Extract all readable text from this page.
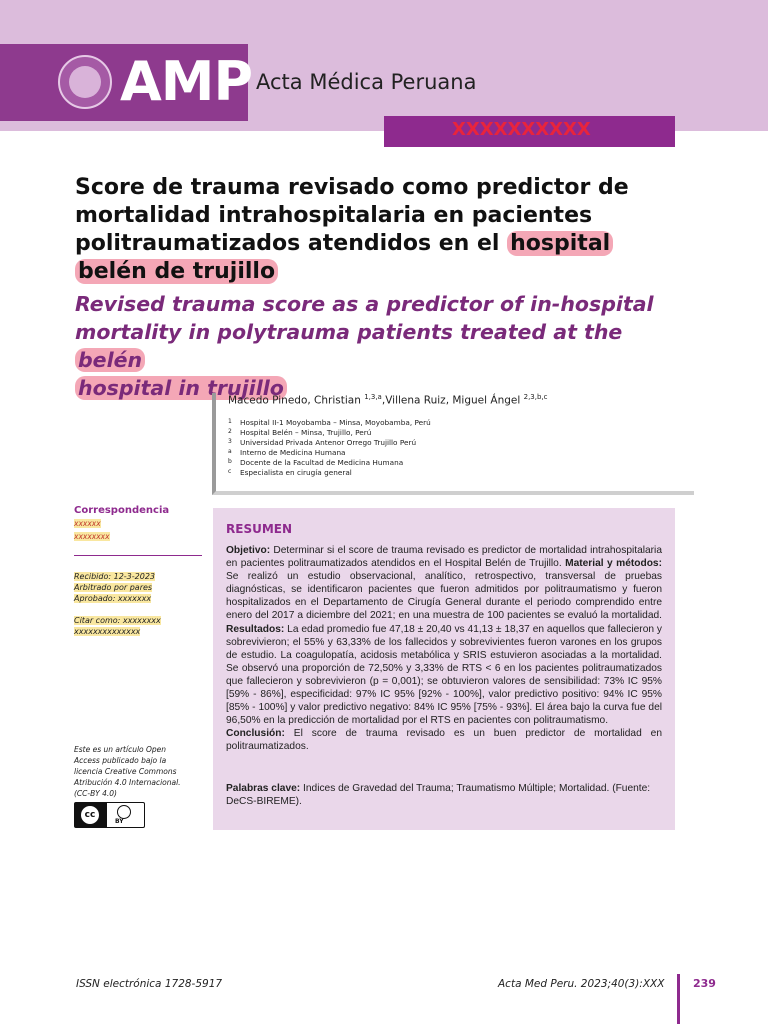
AMP Acta Médica Peruana
XXXXXXXXXX
Score de trauma revisado como predictor de mortalidad intrahospitalaria en pacientes politraumatizados atendidos en el hospital
belén de trujillo
Revised trauma score as a predictor of in-hospital mortality in polytrauma patients treated at the belén
hospital in trujillo
Macedo Pinedo, Christian $^{1,3,a}$,Villena Ruiz, Miguel Ángel $^{2,3,b,c}$
1 Hospital II-1 Moyobamba – Minsa, Moyobamba, Perú
2 Hospital Belén – Minsa, Trujillo, Perú
3 Universidad Privada Antenor Orrego Trujillo Perú
a Interno de Medicina Humana
b Docente de la Facultad de Medicina Humana
c Especialista en cirugía general
Correspondencia
xxxxxx
xxxxxxxx
Recibido: 12-3-2023
Arbitrado por pares
Aprobado: xxxxxxx
Citar como: xxxxxxxx
xxxxxxxxxxxxxx
Este es un artículo Open Access publicado bajo la licencia Creative Commons Atribución 4.0 Internacional. (CC-BY 4.0)
cc
BY
RESUMEN
Objetivo: Determinar si el score de trauma revisado es predictor de mortalidad intrahospitalaria en pacientes politraumatizados atendidos en el Hospital Belén de Trujillo. Material y métodos: Se realizó un estudio observacional, analítico, retrospectivo, transversal de pruebas diagnósticas, se identificaron pacientes que fueron admitidos por politraumatismo y fueron hospitalizados en el Departamento de Cirugía General durante el periodo comprendido entre enero del 2017 a diciembre del 2021; en una muestra de 100 pacientes se evaluó la mortalidad. Resultados: La edad promedio fue 47,18 ± 20,40 vs 41,13 ± 18,37 en aquellos que fallecieron y sobrevivieron; el 55% y 63,33% de los fallecidos y sobrevivientes fueron varones en los grupos de estudio. La coagulopatía, acidosis metabólica y SRIS estuvieron asociadas a la mortalidad. Se observó una proporción de 72,50% y 3,33% de RTS < 6 en los pacientes politraumatizados que fallecieron y sobrevivieron (p = 0,001); se obtuvieron valores de sensibilidad: 73% IC 95% [59% - 86%], especificidad: 97% IC 95% [92% - 100%], valor predictivo positivo: 94% IC 95% [85% - 100%] y valor predictivo negativo: 84% IC 95% [75% - 93%]. El área bajo la curva fue del 96,50% en la predicción de mortalidad por el RTS en pacientes con politraumatismo.
Conclusión: El score de trauma revisado es un buen predictor de mortalidad en politraumatizados.
Palabras clave: Indices de Gravedad del Trauma; Traumatismo Múltiple; Mortalidad. (Fuente: DeCS-BIREME).
ISSN electrónica 1728-5917	Acta Med Peru. 2023;40(3):XXX	239
